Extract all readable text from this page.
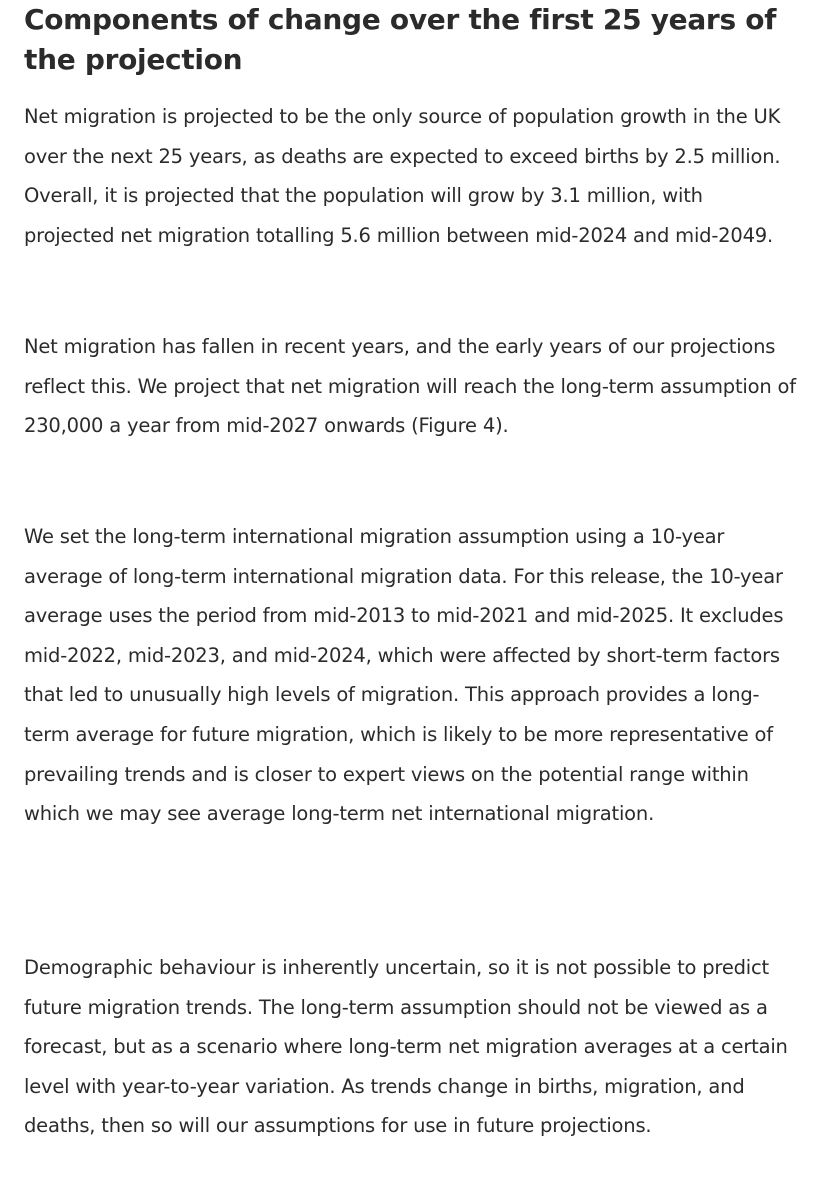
Components of change over the first 25 years of the projection

Net migration is projected to be the only source of population growth in the UK over the next 25 years, as deaths are expected to exceed births by 2.5 million. Overall, it is projected that the population will grow by 3.1 million, with projected net migration totalling 5.6 million between mid-2024 and mid-2049.

Net migration has fallen in recent years, and the early years of our projections reflect this. We project that net migration will reach the long-term assumption of 230,000 a year from mid-2027 onwards (Figure 4).

We set the long-term international migration assumption using a 10-year average of long-term international migration data. For this release, the 10-year average uses the period from mid-2013 to mid-2021 and mid-2025. It excludes mid-2022, mid-2023, and mid-2024, which were affected by short-term factors that led to unusually high levels of migration. This approach provides a long-term average for future migration, which is likely to be more representative of prevailing trends and is closer to expert views on the potential range within which we may see average long-term net international migration.

Demographic behaviour is inherently uncertain, so it is not possible to predict future migration trends. The long-term assumption should not be viewed as a forecast, but as a scenario where long-term net migration averages at a certain level with year-to-year variation. As trends change in births, migration, and deaths, then so will our assumptions for use in future projections.
